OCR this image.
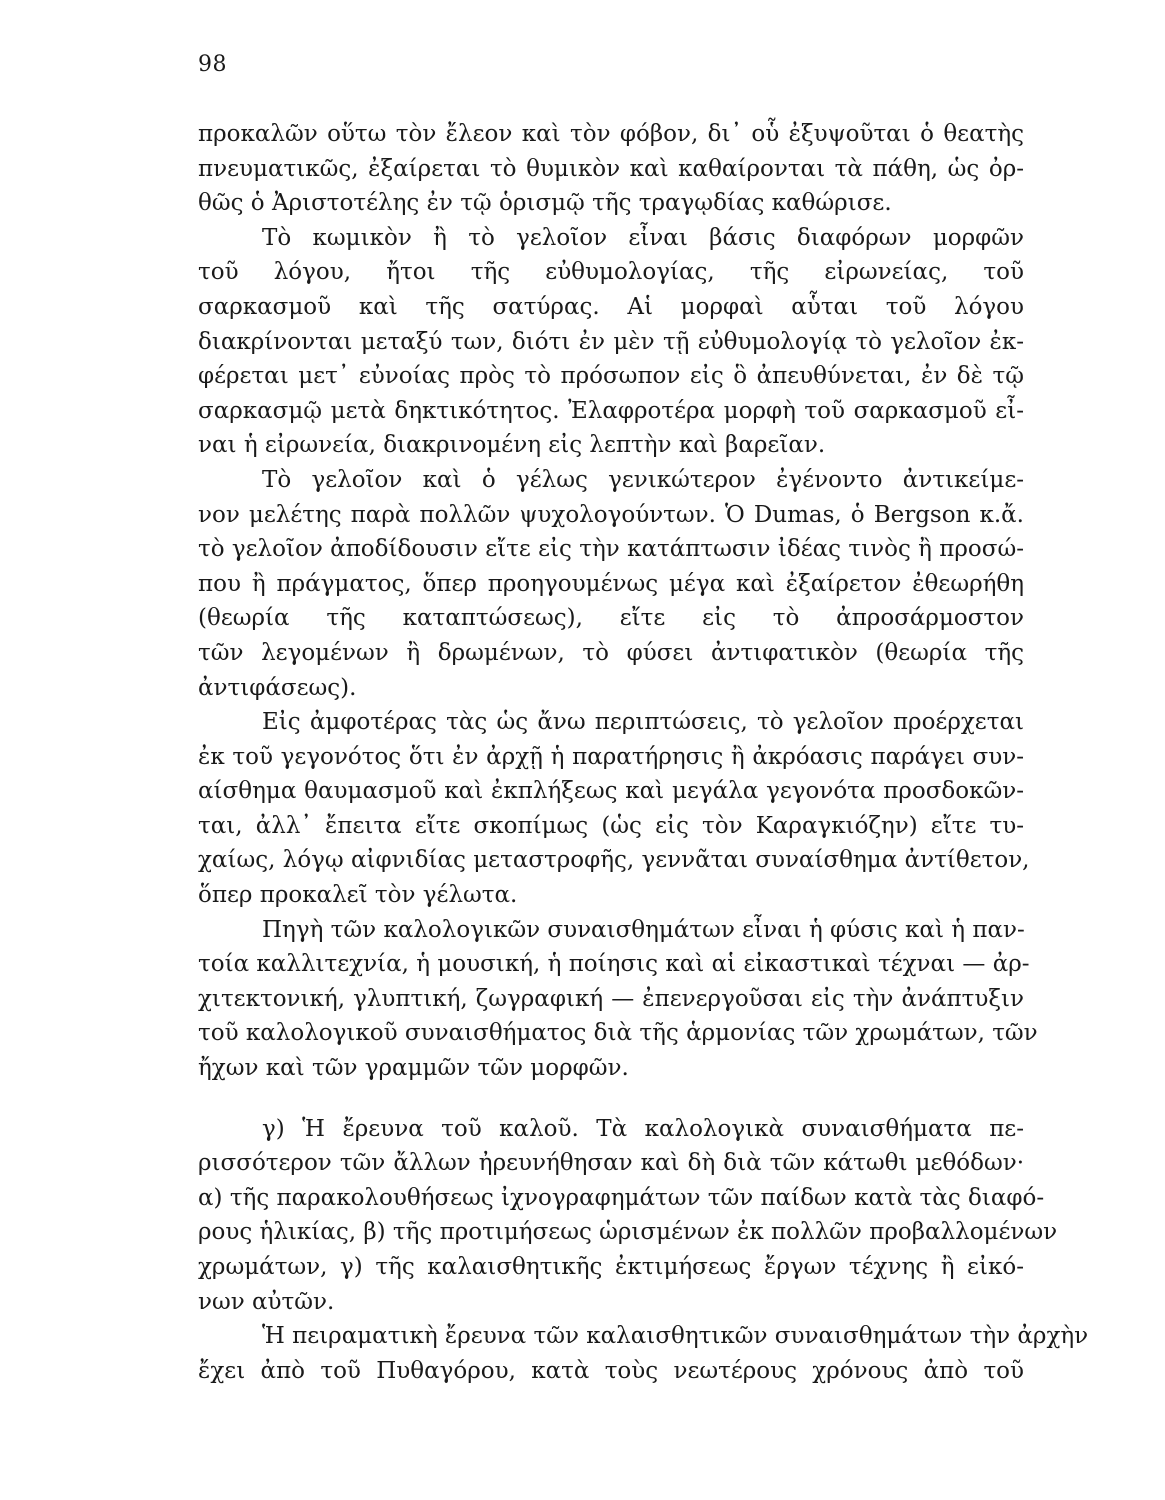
98
προκαλῶν οὕτω τὸν ἔλεον καὶ τὸν φόβον, δι᾽ οὗ ἐξυψοῦται ὁ θεατὴς
πνευματικῶς, ἐξαίρεται τὸ θυμικὸν καὶ καθαίρονται τὰ πάθη, ὡς ὀρ-
θῶς ὁ Ἀριστοτέλης ἐν τῷ ὁρισμῷ τῆς τραγῳδίας καθώρισε.
Τὸ κωμικὸν ἢ τὸ γελοῖον εἶναι βάσις διαφόρων μορφῶν
τοῦ λόγου, ἤτοι τῆς εὐθυμολογίας, τῆς εἰρωνείας, τοῦ
σαρκασμοῦ καὶ τῆς σατύρας. Αἱ μορφαὶ αὗται τοῦ λόγου
διακρίνονται μεταξύ των, διότι ἐν μὲν τῇ εὐθυμολογίᾳ τὸ γελοῖον ἐκ-
φέρεται μετ᾽ εὐνοίας πρὸς τὸ πρόσωπον εἰς ὃ ἀπευθύνεται, ἐν δὲ τῷ
σαρκασμῷ μετὰ δηκτικότητος. Ἐλαφροτέρα μορφὴ τοῦ σαρκασμοῦ εἶ-
ναι ἡ εἰρωνεία, διακρινομένη εἰς λεπτὴν καὶ βαρεῖαν.
Τὸ γελοῖον καὶ ὁ γέλως γενικώτερον ἐγένοντο ἀντικείμε-
νον μελέτης παρὰ πολλῶν ψυχολογούντων. Ὁ Dumas, ὁ Bergson κ.ἄ.
τὸ γελοῖον ἀποδίδουσιν εἴτε εἰς τὴν κατάπτωσιν ἰδέας τινὸς ἢ προσώ-
που ἢ πράγματος, ὅπερ προηγουμένως μέγα καὶ ἐξαίρετον ἐθεωρήθη
(θεωρία τῆς καταπτώσεως), εἴτε εἰς τὸ ἀπροσάρμοστον
τῶν λεγομένων ἢ δρωμένων, τὸ φύσει ἀντιφατικὸν (θεωρία τῆς
ἀντιφάσεως).
Εἰς ἀμφοτέρας τὰς ὡς ἄνω περιπτώσεις, τὸ γελοῖον προέρχεται
ἐκ τοῦ γεγονότος ὅτι ἐν ἀρχῇ ἡ παρατήρησις ἢ ἀκρόασις παράγει συν-
αίσθημα θαυμασμοῦ καὶ ἐκπλήξεως καὶ μεγάλα γεγονότα προσδοκῶν-
ται, ἀλλ᾽ ἔπειτα εἴτε σκοπίμως (ὡς εἰς τὸν Καραγκιόζην) εἴτε τυ-
χαίως, λόγῳ αἰφνιδίας μεταστροφῆς, γεννᾶται συναίσθημα ἀντίθετον,
ὅπερ προκαλεῖ τὸν γέλωτα.
Πηγὴ τῶν καλολογικῶν συναισθημάτων εἶναι ἡ φύσις καὶ ἡ παν-
τοία καλλιτεχνία, ἡ μουσική, ἡ ποίησις καὶ αἱ εἰκαστικαὶ τέχναι — ἀρ-
χιτεκτονική, γλυπτική, ζωγραφική — ἐπενεργοῦσαι εἰς τὴν ἀνάπτυξιν
τοῦ καλολογικοῦ συναισθήματος διὰ τῆς ἁρμονίας τῶν χρωμάτων, τῶν
ἤχων καὶ τῶν γραμμῶν τῶν μορφῶν.
γ) Ἡ ἔρευνα τοῦ καλοῦ. Τὰ καλολογικὰ συναισθήματα πε-
ρισσότερον τῶν ἄλλων ἠρευνήθησαν καὶ δὴ διὰ τῶν κάτωθι μεθόδων·
α) τῆς παρακολουθήσεως ἰχνογραφημάτων τῶν παίδων κατὰ τὰς διαφό-
ρους ἡλικίας, β) τῆς προτιμήσεως ὡρισμένων ἐκ πολλῶν προβαλλομένων
χρωμάτων, γ) τῆς καλαισθητικῆς ἐκτιμήσεως ἔργων τέχνης ἢ εἰκό-
νων αὐτῶν.
Ἡ πειραματικὴ ἔρευνα τῶν καλαισθητικῶν συναισθημάτων τὴν ἀρχὴν
ἔχει ἀπὸ τοῦ Πυθαγόρου, κατὰ τοὺς νεωτέρους χρόνους ἀπὸ τοῦ
